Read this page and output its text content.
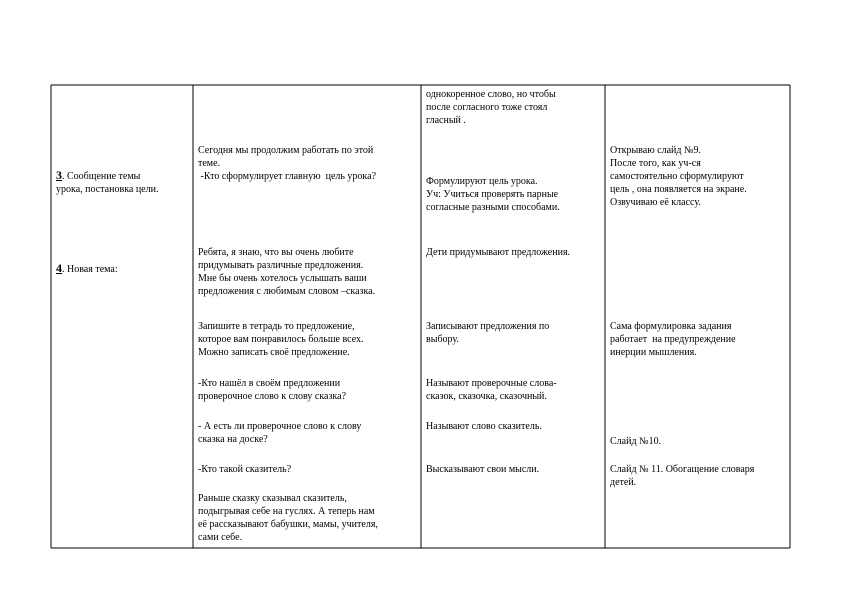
3. Сообщение темы
урока, постановка цели.

4. Новая тема:

Сегодня мы продолжим работать по этой
теме.
-Кто сформулирует главную  цель урока?

Ребята, я знаю, что вы очень любите
придумывать различные предложения.
Мне бы очень хотелось услышать ваши
предложения с любимым словом –сказка.

Запишите в тетрадь то предложение,
которое вам понравилось больше всех.
Можно записать своё предложение.

-Кто нашёл в своём предложении
проверочное слово к слову сказка?

- А есть ли проверочное слово к слову
сказка на доске?

-Кто такой сказитель?

Раньше сказку сказывал сказитель,
подыгрывая себе на гуслях. А теперь нам
её рассказывают бабушки, мамы, учителя,
сами себе.

однокоренное слово, но чтобы
после согласного тоже стоял
гласный .

Формулируют цель урока.
Уч: Учиться проверять парные
согласные разными способами.

Дети придумывают предложения.

Записывают предложения по
выбору.

Называют проверочные слова-
сказок, сказочка, сказочный.

Называют слово сказитель.

Высказывают свои мысли.

Открываю слайд №9.
После того, как уч-ся
самостоятельно сформулируют
цель , она появляется на экране.
Озвучиваю её классу.

Сама формулировка задания
работает  на предупреждение
инерции мышления.

Слайд №10.

Слайд № 11. Обогащение словаря
детей.
